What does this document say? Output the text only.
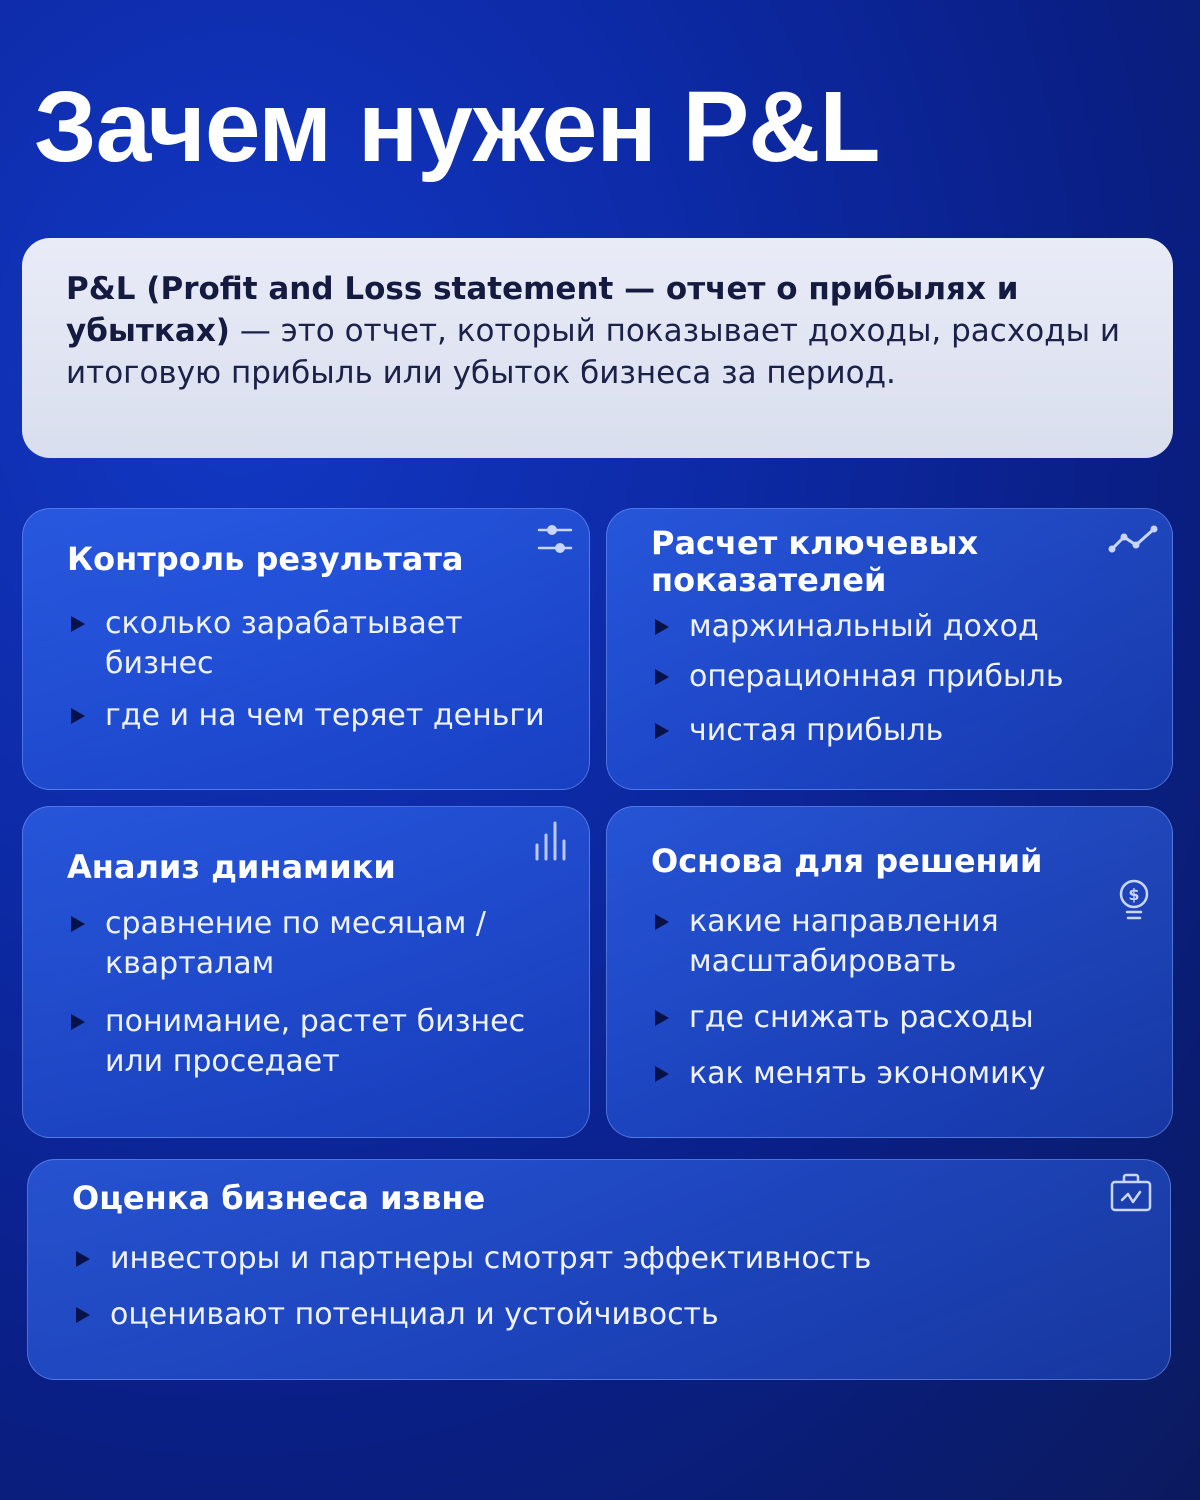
Зачем нужен P&L
P&L (Profit and Loss statement — отчет о прибылях и убытках) — это отчет, который показывает доходы, расходы и итоговую прибыль или убыток бизнеса за период.
Контроль результата
сколько зарабатывает бизнес
где и на чем теряет деньги
Расчет ключевых показателей
маржинальный доход
операционная прибыль
чистая прибыль
Анализ динамики
сравнение по месяцам / кварталам
понимание, растет бизнес или проседает
Основа для решений
какие направления масштабировать
где снижать расходы
как менять экономику
$
Оценка бизнеса извне
инвесторы и партнеры смотрят эффективность
оценивают потенциал и устойчивость
